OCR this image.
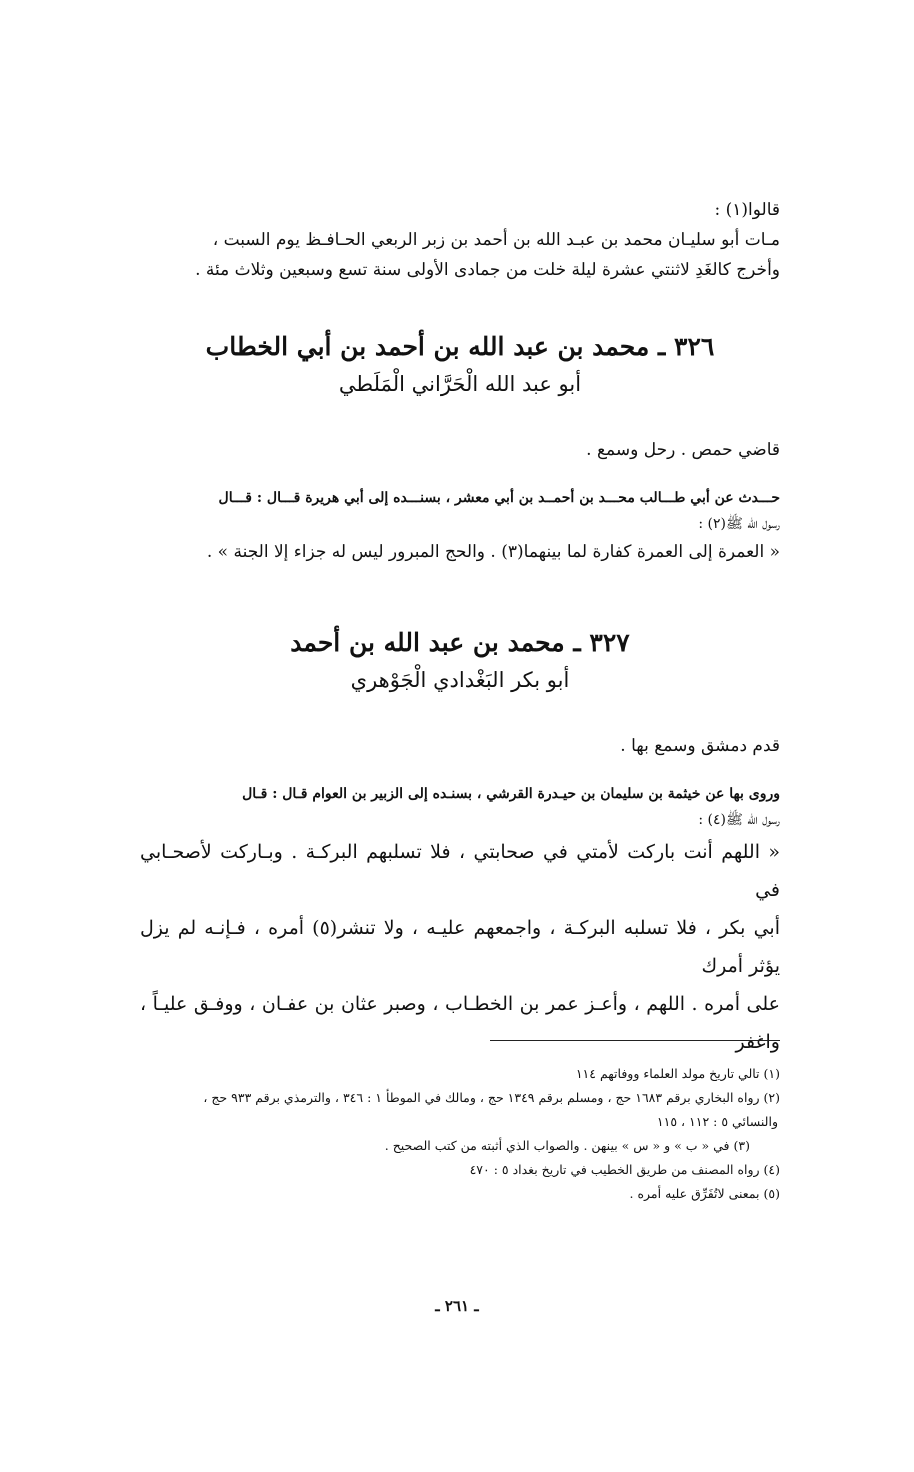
قالوا(١) :

مـات أبو سليـان محمد بن عبـد الله بن أحمد بن زبر الربعي الحـافـظ يوم السبت ،

وأخرج كالغَدِ لاثنتي عشرة ليلة خلت من جمادى الأولى سنة تسع وسبعين وثلاث مئة .

٣٢٦ ـ محمد بن عبد الله بن أحمد بن أبي الخطاب

أبو عبد الله الْحَرَّاني الْمَلَطي

قاضي حمص . رحل وسمع .

حـــدث عن أبي طـــالب محـــد بن أحمــد بن أبي معشر ، بسنـــده إلى أبي هريرة قـــال : قـــال

رسول الله ﷺ(٢) :

« العمرة إلى العمرة كفارة لما بينهما(٣) . والحج المبرور ليس له جزاء إلا الجنة » .

٣٢٧ ـ محمد بن عبد الله بن أحمد

أبو بكر البَغْدادي الْجَوْهري

قدم دمشق وسمع بها .

وروى بها عن خيثمة بن سليمان بن حيـدرة القرشي ، بسنـده إلى الزبير بن العوام قـال : قـال

رسول الله ﷺ(٤) :

« اللهم أنت باركت لأمتي في صحابتي ، فلا تسلبهم البركـة . وبـاركت لأصحـابي في

أبي بكر ، فلا تسلبه البركـة ، واجمعهم عليـه ، ولا تنشر(٥) أمره ، فـإنـه لم يزل يؤثر أمرك

على أمره . اللهم ، وأعـز عمر بن الخطـاب ، وصبر عثان بن عفـان ، ووفـق عليـاً ، واغفر

(١) تالي تاريخ مولد العلماء ووفاتهم ١١٤

(٢) رواه البخاري برقم ١٦٨٣ حج ، ومسلم برقم ١٣٤٩ حج ، ومالك في الموطأ ١ : ٣٤٦ ، والترمذي برقم ٩٣٣ حج ،

والنسائي ٥ : ١١٢ ، ١١٥

(٣) في « ب » و « س » بينهن . والصواب الذي أثبته من كتب الصحيح .

(٤) رواه المصنف من طريق الخطيب في تاريخ بغداد ٥ : ٤٧٠

(٥) بمعنى لاتُفَرِّق عليه أمره .

ـ ٢٦١ ـ
